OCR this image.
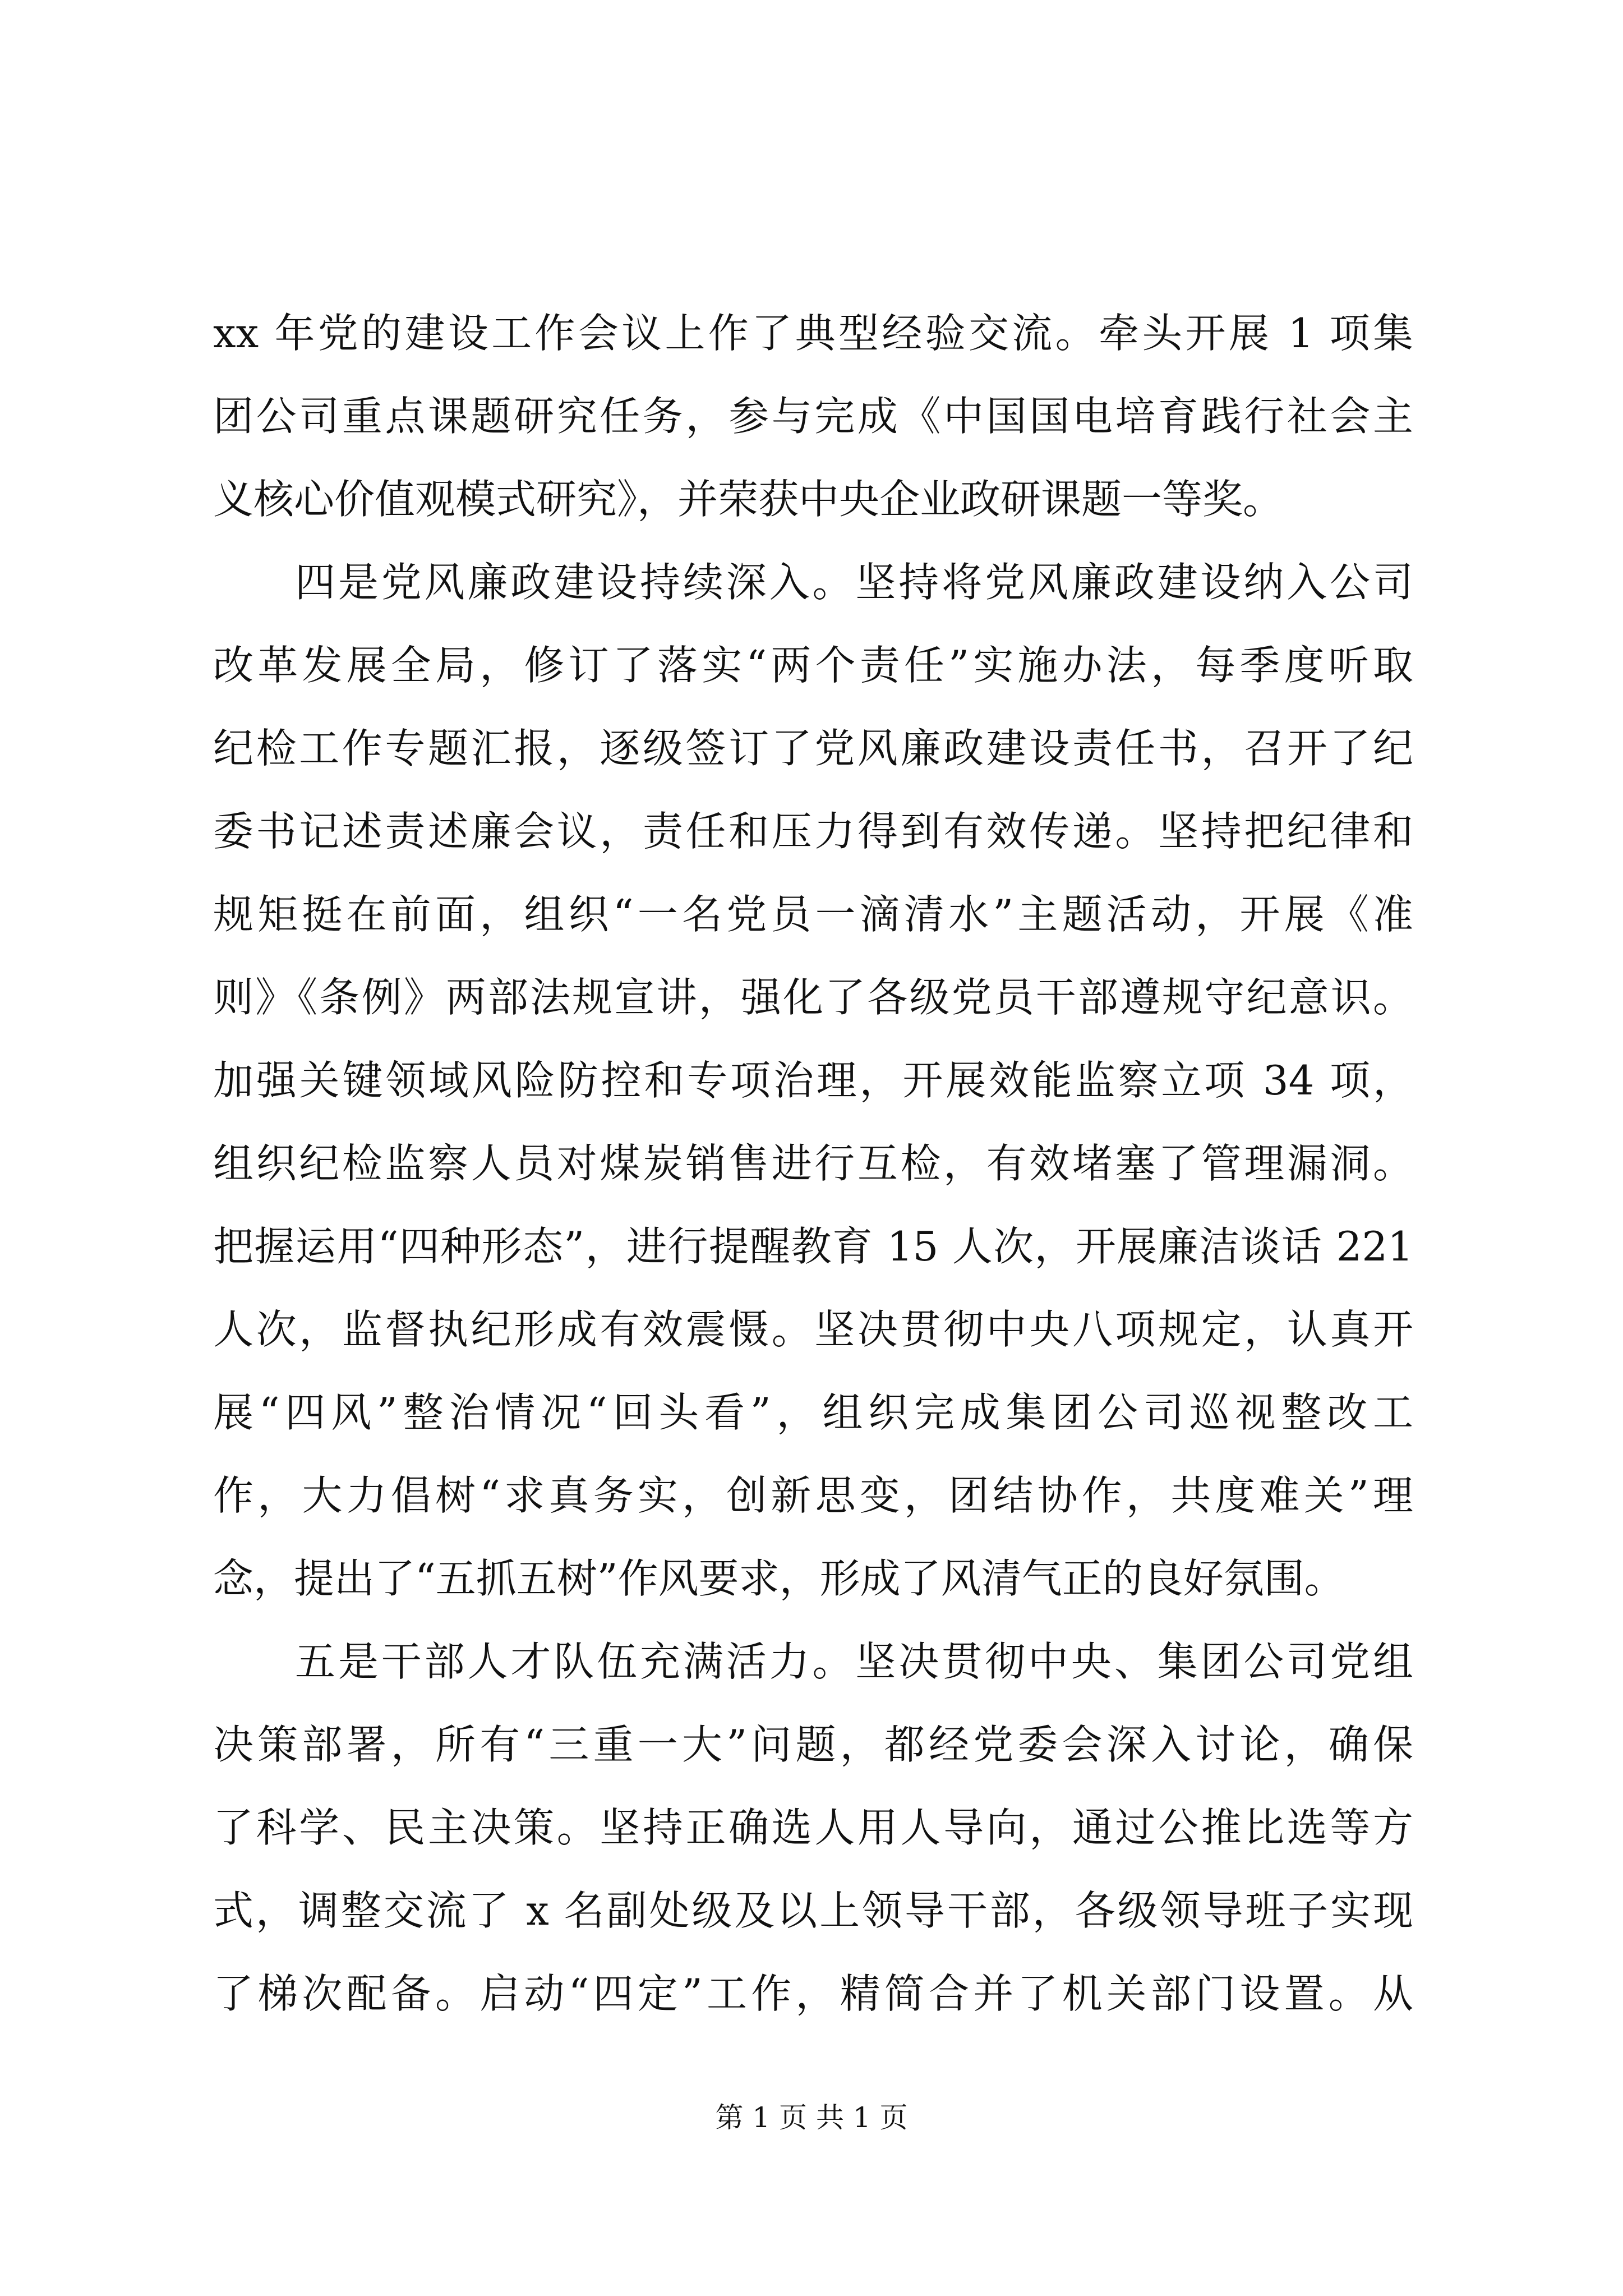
xx 年党的建设工作会议上作了典型经验交流。牵头开展 1 项集
团公司重点课题研究任务，参与完成《中国国电培育践行社会主
义核心价值观模式研究》，并荣获中央企业政研课题一等奖。
四是党风廉政建设持续深入。坚持将党风廉政建设纳入公司
改革发展全局，修订了落实“两个责任”实施办法，每季度听取
纪检工作专题汇报，逐级签订了党风廉政建设责任书，召开了纪
委书记述责述廉会议，责任和压力得到有效传递。坚持把纪律和
规矩挺在前面，组织“一名党员一滴清水”主题活动，开展《准
则》《条例》两部法规宣讲，强化了各级党员干部遵规守纪意识。
加强关键领域风险防控和专项治理，开展效能监察立项 34 项，
组织纪检监察人员对煤炭销售进行互检，有效堵塞了管理漏洞。
把握运用“四种形态”，进行提醒教育 15 人次，开展廉洁谈话 221
人次，监督执纪形成有效震慑。坚决贯彻中央八项规定，认真开
展“四风”整治情况“回头看”，组织完成集团公司巡视整改工
作，大力倡树“求真务实，创新思变，团结协作，共度难关”理
念，提出了“五抓五树”作风要求，形成了风清气正的良好氛围。
五是干部人才队伍充满活力。坚决贯彻中央、集团公司党组
决策部署，所有“三重一大”问题，都经党委会深入讨论，确保
了科学、民主决策。坚持正确选人用人导向，通过公推比选等方
式，调整交流了 x 名副处级及以上领导干部，各级领导班子实现
了梯次配备。启动“四定”工作，精简合并了机关部门设置。从
第 1 页 共 1 页
